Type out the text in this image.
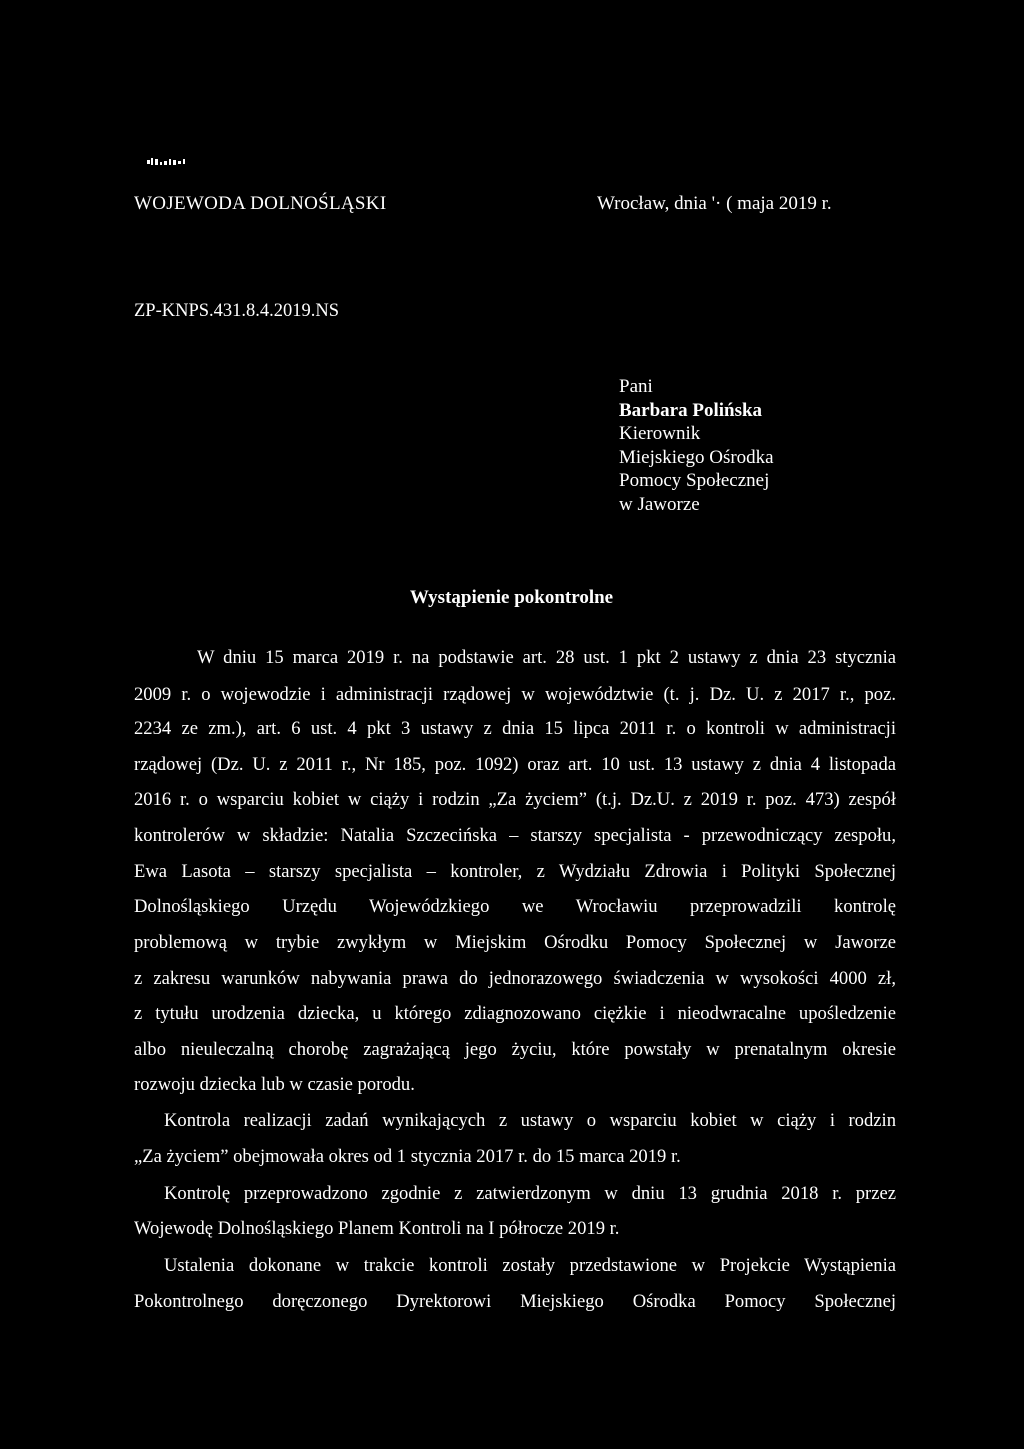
WOJEWODA DOLNOŚLĄSKI	Wrocław, dnia '· ( maja 2019 r.
ZP-KNPS.431.8.4.2019.NS
Pani
Barbara Polińska
Kierownik
Miejskiego Ośrodka
Pomocy Społecznej
w Jaworze
Wystąpienie pokontrolne
W dniu 15 marca 2019 r. na podstawie art. 28 ust. 1 pkt 2 ustawy z dnia 23 stycznia
2009 r. o wojewodzie i administracji rządowej w województwie (t. j. Dz. U. z 2017 r., poz.
2234 ze zm.), art. 6 ust. 4 pkt 3 ustawy z dnia 15 lipca 2011 r. o kontroli w administracji
rządowej (Dz. U. z 2011 r., Nr 185, poz. 1092) oraz art. 10 ust. 13 ustawy z dnia 4 listopada
2016 r. o wsparciu kobiet w ciąży i rodzin „Za życiem” (t.j. Dz.U. z 2019 r. poz. 473) zespół
kontrolerów w składzie: Natalia Szczecińska – starszy specjalista - przewodniczący zespołu,
Ewa Lasota – starszy specjalista – kontroler, z Wydziału Zdrowia i Polityki Społecznej
Dolnośląskiego Urzędu Wojewódzkiego we Wrocławiu przeprowadzili kontrolę
problemową w trybie zwykłym w Miejskim Ośrodku Pomocy Społecznej w Jaworze
z zakresu warunków nabywania prawa do jednorazowego świadczenia w wysokości 4000 zł,
z tytułu urodzenia dziecka, u którego zdiagnozowano ciężkie i nieodwracalne upośledzenie
albo nieuleczalną chorobę zagrażającą jego życiu, które powstały w prenatalnym okresie
rozwoju dziecka lub w czasie porodu.
Kontrola realizacji zadań wynikających z ustawy o wsparciu kobiet w ciąży i rodzin
„Za życiem” obejmowała okres od 1 stycznia 2017 r. do 15 marca 2019 r.
Kontrolę przeprowadzono zgodnie z zatwierdzonym w dniu 13 grudnia 2018 r. przez
Wojewodę Dolnośląskiego Planem Kontroli na I półrocze 2019 r.
Ustalenia dokonane w trakcie kontroli zostały przedstawione w Projekcie Wystąpienia
Pokontrolnego doręczonego Dyrektorowi Miejskiego Ośrodka Pomocy Społecznej
